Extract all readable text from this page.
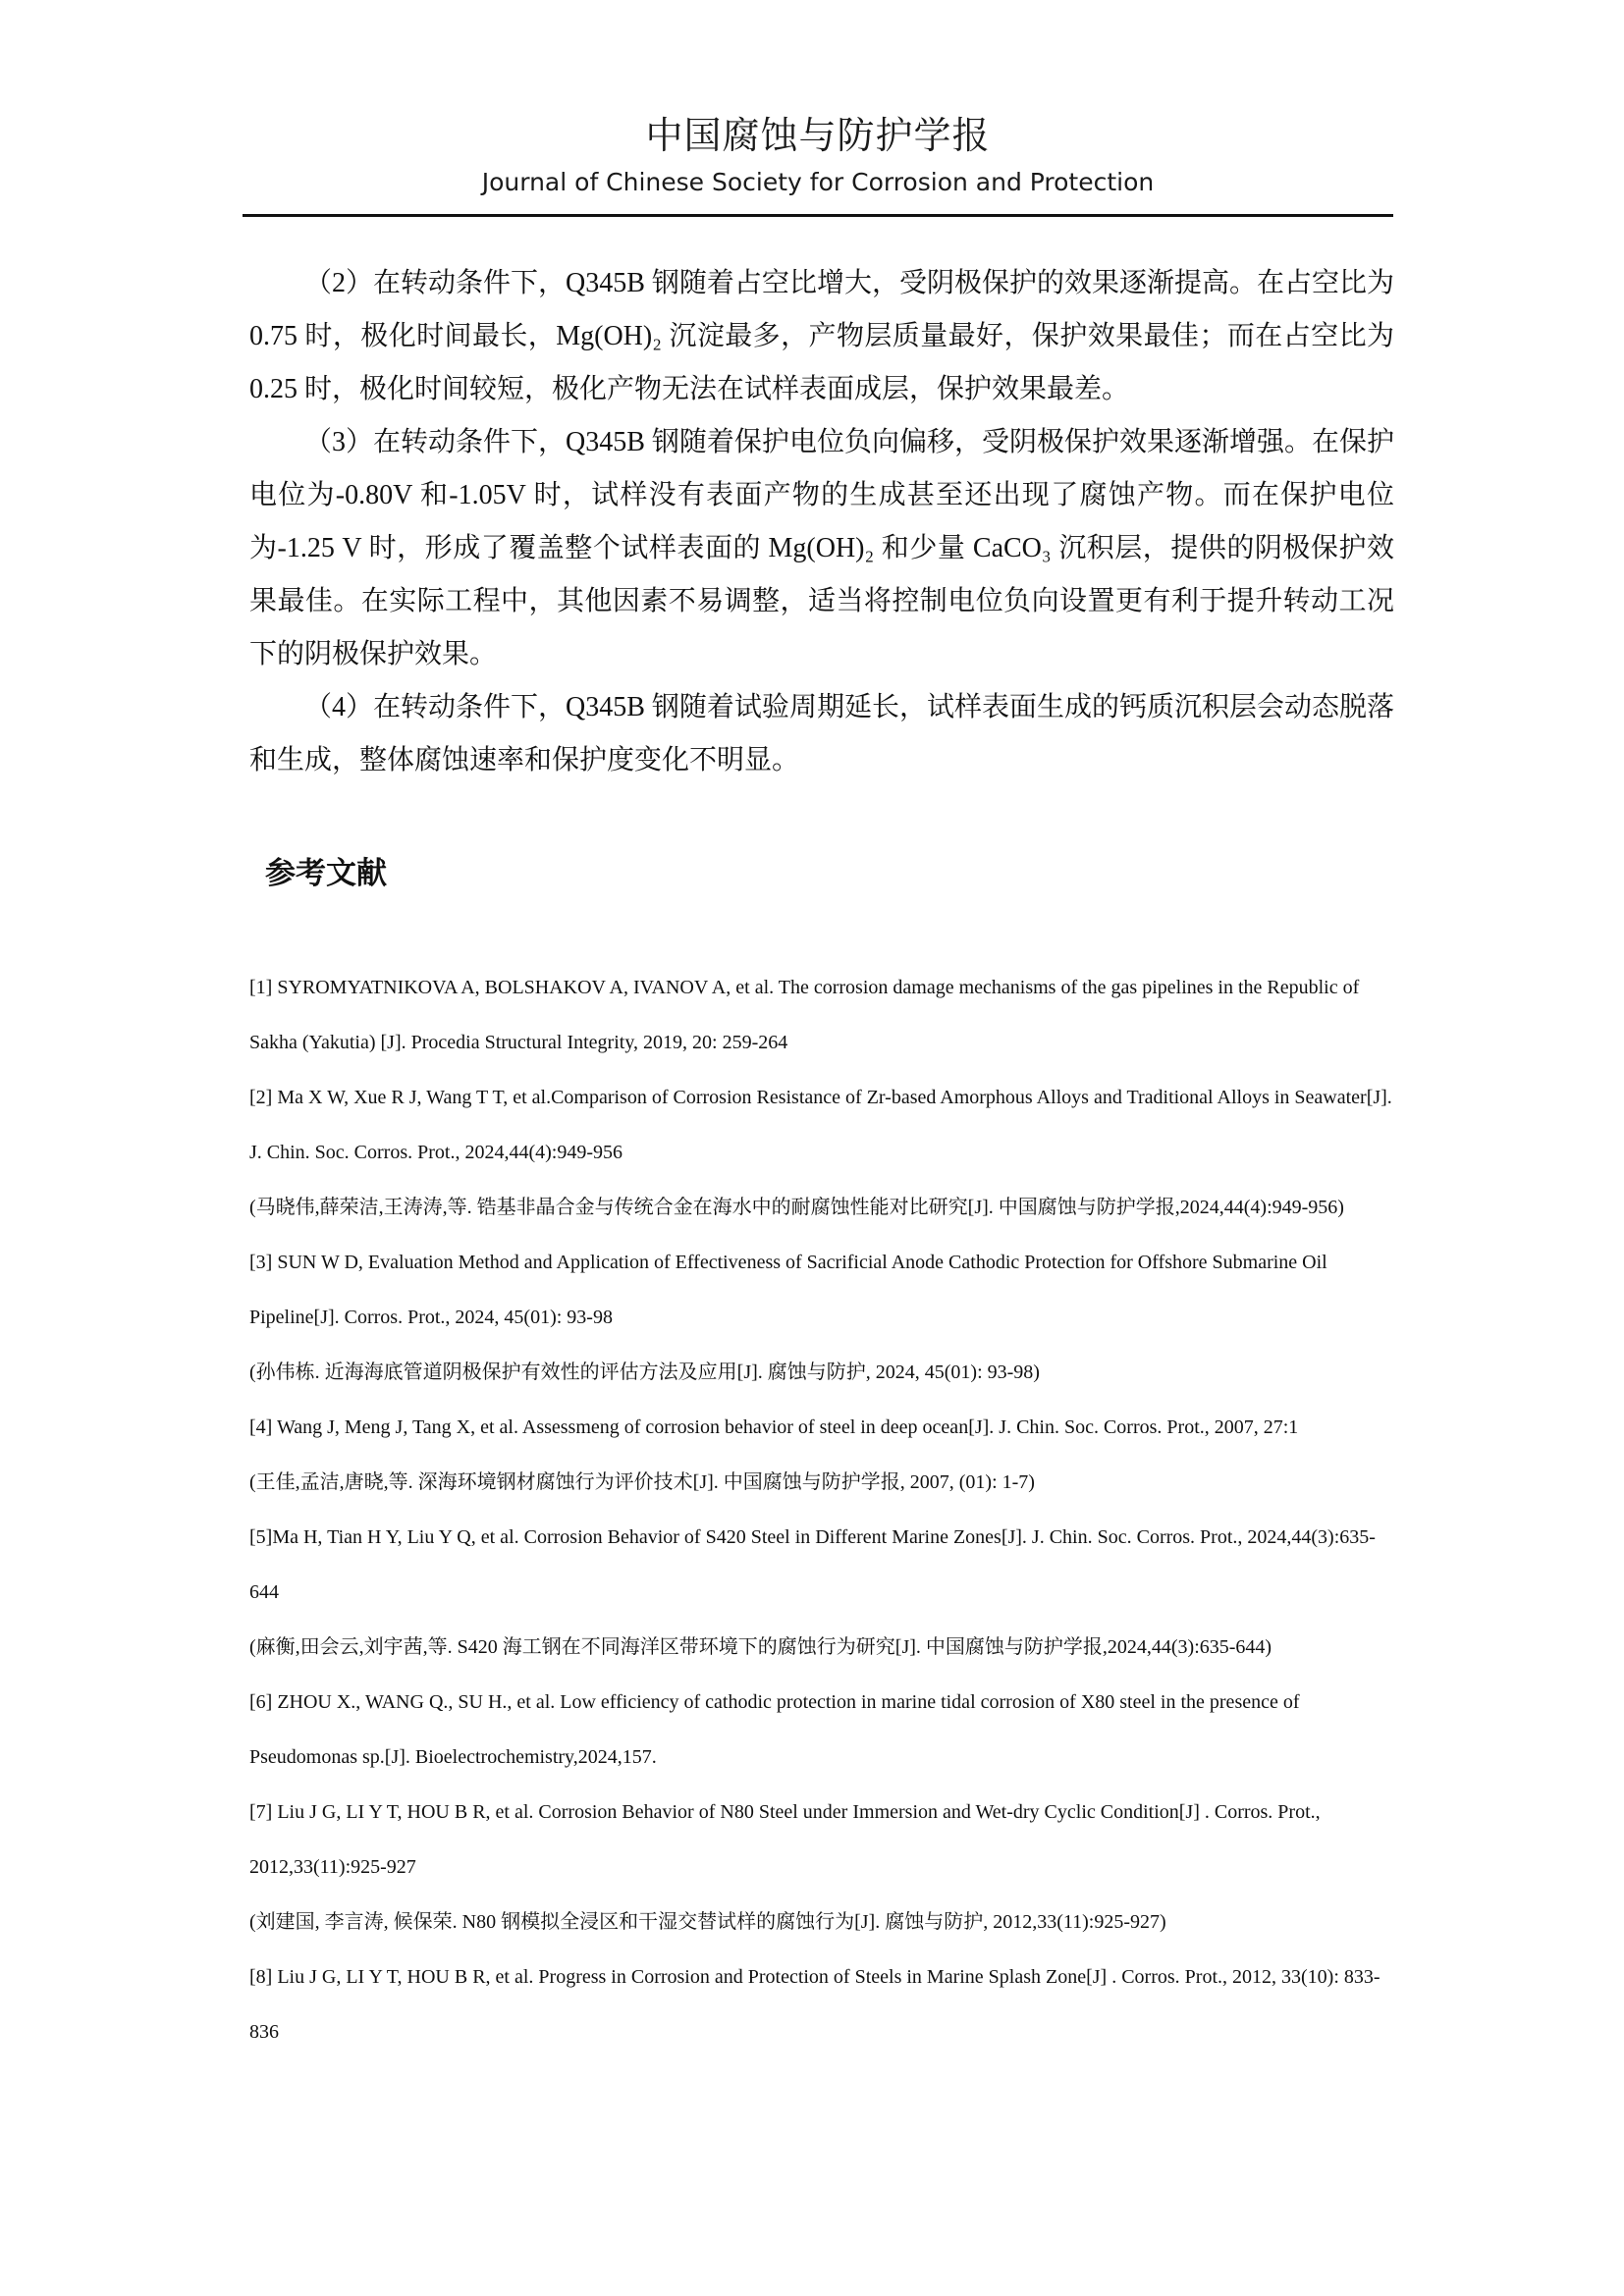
中国腐蚀与防护学报
Journal of Chinese Society for Corrosion and Protection

（2）在转动条件下，Q345B 钢随着占空比增大，受阴极保护的效果逐渐提高。在占空比为 0.75 时，极化时间最长，Mg(OH)₂ 沉淀最多，产物层质量最好，保护效果最佳；而在占空比为 0.25 时，极化时间较短，极化产物无法在试样表面成层，保护效果最差。

（3）在转动条件下，Q345B 钢随着保护电位负向偏移，受阴极保护效果逐渐增强。在保护电位为-0.80V 和-1.05V 时，试样没有表面产物的生成甚至还出现了腐蚀产物。而在保护电位为-1.25 V 时，形成了覆盖整个试样表面的 Mg(OH)₂ 和少量 CaCO₃ 沉积层，提供的阴极保护效果最佳。在实际工程中，其他因素不易调整，适当将控制电位负向设置更有利于提升转动工况下的阴极保护效果。

（4）在转动条件下，Q345B 钢随着试验周期延长，试样表面生成的钙质沉积层会动态脱落和生成，整体腐蚀速率和保护度变化不明显。

参考文献

[1] SYROMYATNIKOVA A, BOLSHAKOV A, IVANOV A, et al. The corrosion damage mechanisms of the gas pipelines in the Republic of Sakha (Yakutia) [J]. Procedia Structural Integrity, 2019, 20: 259-264

[2] Ma X W, Xue R J, Wang T T, et al.Comparison of Corrosion Resistance of Zr-based Amorphous Alloys and Traditional Alloys in Seawater[J]. J. Chin. Soc. Corros. Prot., 2024,44(4):949-956

(马晓伟,薛荣洁,王涛涛,等. 锆基非晶合金与传统合金在海水中的耐腐蚀性能对比研究[J]. 中国腐蚀与防护学报,2024,44(4):949-956)

[3] SUN W D, Evaluation Method and Application of Effectiveness of Sacrificial Anode Cathodic Protection for Offshore Submarine Oil Pipeline[J]. Corros. Prot., 2024, 45(01): 93-98

(孙伟栋. 近海海底管道阴极保护有效性的评估方法及应用[J]. 腐蚀与防护, 2024, 45(01): 93-98)

[4] Wang J, Meng J, Tang X, et al. Assessmeng of corrosion behavior of steel in deep ocean[J]. J. Chin. Soc. Corros. Prot., 2007, 27:1

(王佳,孟洁,唐晓,等. 深海环境钢材腐蚀行为评价技术[J]. 中国腐蚀与防护学报, 2007, (01): 1-7)

[5]Ma H, Tian H Y, Liu Y Q, et al. Corrosion Behavior of S420 Steel in Different Marine Zones[J]. J. Chin. Soc. Corros. Prot., 2024,44(3):635-644

(麻衡,田会云,刘宇茜,等. S420 海工钢在不同海洋区带环境下的腐蚀行为研究[J]. 中国腐蚀与防护学报,2024,44(3):635-644)

[6] ZHOU X., WANG Q., SU H., et al. Low efficiency of cathodic protection in marine tidal corrosion of X80 steel in the presence of Pseudomonas sp.[J]. Bioelectrochemistry,2024,157.

[7] Liu J G, LI Y T, HOU B R, et al. Corrosion Behavior of N80 Steel under Immersion and Wet-dry Cyclic Condition[J] . Corros. Prot., 2012,33(11):925-927

(刘建国, 李言涛, 候保荣. N80 钢模拟全浸区和干湿交替试样的腐蚀行为[J]. 腐蚀与防护, 2012,33(11):925-927)

[8] Liu J G, LI Y T, HOU B R, et al. Progress in Corrosion and Protection of Steels in Marine Splash Zone[J] . Corros. Prot., 2012, 33(10): 833-836
